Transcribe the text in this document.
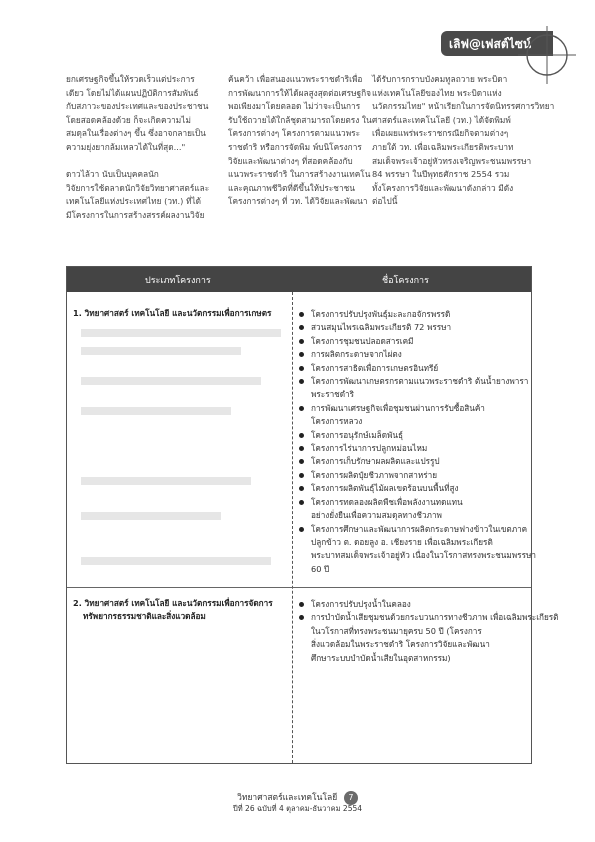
เลิฟ@เฟสต์ไซน์

ยกเศรษฐกิจขึ้นให้รวดเร็วแต่ประการ

เดียว โดยไม่ได้แผนปฏิบัติการสัมพันธ์

กับสภาวะของประเทศและของประชาชน

โดยสอดคล้องด้วย ก็จะเกิดความไม่

สมดุลในเรื่องต่างๆ ขึ้น ซึ่งอาจกลายเป็น

ความยุ่งยากล้มเหลวได้ในที่สุด..."

ดาวไล้วา นับเป็นบุคคลนัก

วิจัยการใช้ตลาดนักวิจัยวิทยาศาสตร์และ

เทคโนโลยีแห่งประเทศไทย (วท.) ที่ได้

มีโครงการในการสร้างสรรค์ผลงานวิจัย

ค้นคว้า เพื่อสนองแนวพระราชดำริเพื่อ

การพัฒนาการให้ได้ผลสูงสุดต่อเศรษฐกิจ

พอเพียงมาโดยตลอด ไม่ว่าจะเป็นการ

รับใช้ถวายได้ใกล้ชุดสามารถโดยตรง ใน

โครงการต่างๆ โครงการตามแนวพระ

ราชดำริ หรือการจัดพิม พ์บนิโครงการ

วิจัยและพัฒนาต่างๆ ที่สอดคล้องกับ

แนวพระราชดำริ ในการสร้างงานเทคโน

และคุณภาพชีวิตที่ดีขึ้นให้ประชาชน

โครงการต่างๆ ที่ วท. ได้วิจัยและพัฒนา

ได้รับการกราบบังคมทูลถวาย พระบิดา

แห่งเทคโนโลยีของไทย พระบิดาแห่ง

นวัตกรรมไทย" หน้าเรียกในการจัดนิทรรศการวิทยา

ศาสตร์และเทคโนโลยี (วท.) ได้จัดพิมพ์

เพื่อเผยแพร่พระราชกรณียกิจตามต่างๆ

ภายใต้ วท. เพื่อเฉลิมพระเกียรติพระบาท

สมเด็จพระเจ้าอยู่หัวทรงเจริญพระชนมพรรษา

84 พรรษา ในปีพุทธศักราช 2554 รวม

ทั้งโครงการวิจัยและพัฒนาดังกล่าว มีดัง

ต่อไปนี้

ประเภทโครงการ	ชื่อโครงการ

1. วิทยาศาสตร์ เทคโนโลยี และนวัตกรรมเพื่อการเกษตร	โครงการปรับปรุงพันธุ์มะละกอจักรพรรดิ
สวนสมุนไพรเฉลิมพระเกียรติ 72 พรรษา
โครงการชุมชนปลอดสารเคมี
การผลิตกระดาษจากไผ่ตง
โครงการสาธิตเพื่อการเกษตรอินทรีย์
โครงการพัฒนาเกษตรกรตามแนวพระราชดำริ ต้นน้ำยางพารา
พระราชดำริ
การพัฒนาเศรษฐกิจเพื่อชุมชนผ่านการรับซื้อสินค้า
โครงการหลวง
โครงการอนุรักษ์เมล็ดพันธุ์
โครงการไร่นาการปลูกหม่อนไหม
โครงการเก็บรักษาผลผลิตและแปรรูป
โครงการผลิตปุ๋ยชีวภาพจากสาหร่าย
โครงการผลิตพันธุ์ไม้ผลเขตร้อนบนพื้นที่สูง
โครงการทดลองผลิตพืชเพื่อพลังงานทดแทน
อย่างยั่งยืนเพื่อความสมดุลทางชีวภาพ
โครงการศึกษาและพัฒนาการผลิตกระดาษฟางข้าวในเขตภาค
ปลูกข้าว ต. ดอยลูง อ. เชียงราย เพื่อเฉลิมพระเกียรติ
พระบาทสมเด็จพระเจ้าอยู่หัว เนื่องในวโรกาสทรงพระชนมพรรษา
60 ปี

2. วิทยาศาสตร์ เทคโนโลยี และนวัตกรรมเพื่อการจัดการ

ทรัพยากรธรรมชาติและสิ่งแวดล้อม

โครงการปรับปรุงน้ำในคลอง
การบำบัดน้ำเสียชุมชนด้วยกระบวนการทางชีวภาพ เพื่อเฉลิมพระเกียรติ
ในวโรกาสที่ทรงพระชนมายุครบ 50 ปี (โครงการ
สิ่งแวดล้อมในพระราชดำริ โครงการวิจัยและพัฒนา
ศึกษาระบบบำบัดน้ำเสียในอุตสาหกรรม)
วิทยาศาสตร์และเทคโนโลยี 7
ปีที่ 26 ฉบับที่ 4 ตุลาคม-ธันวาคม 2554
